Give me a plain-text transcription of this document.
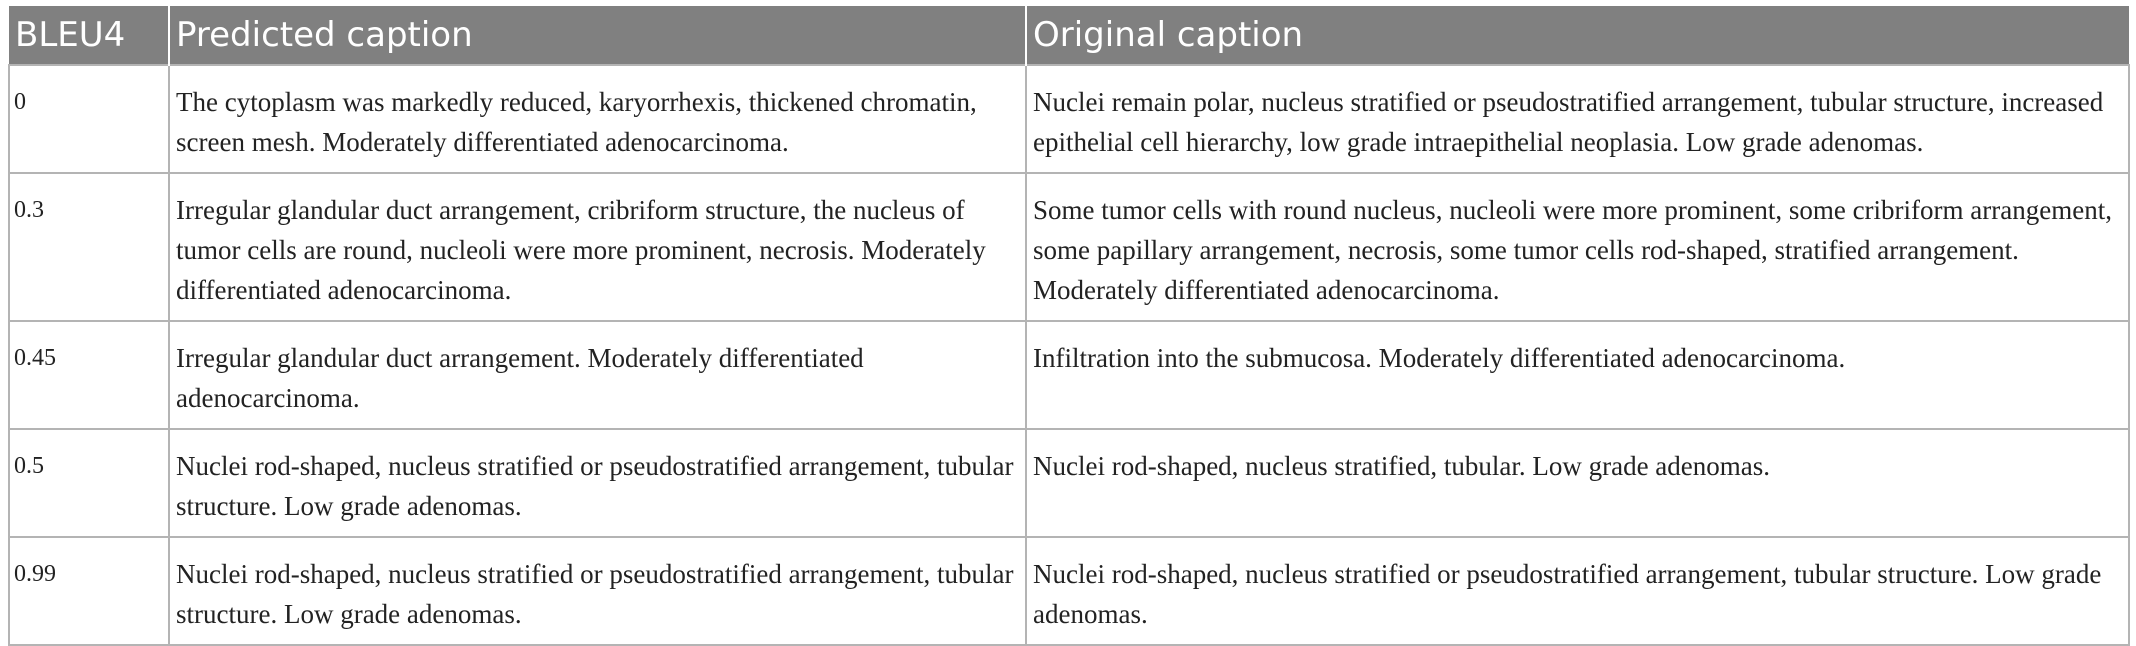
BLEU4	Predicted caption	Original caption
0	The cytoplasm was markedly reduced, karyorrhexis, thickened chromatin, screen mesh. Moderately differentiated adenocarcinoma.	Nuclei remain polar, nucleus stratified or pseudostratified arrangement, tubular structure, increased epithelial cell hierarchy, low grade intraepithelial neoplasia. Low grade adenomas.
0.3	Irregular glandular duct arrangement, cribriform structure, the nucleus of tumor cells are round, nucleoli were more prominent, necrosis. Moderately differentiated adenocarcinoma.	Some tumor cells with round nucleus, nucleoli were more prominent, some cribriform arrangement, some papillary arrangement, necrosis, some tumor cells rod-shaped, stratified arrangement. Moderately differentiated adenocarcinoma.
0.45	Irregular glandular duct arrangement. Moderately differentiated adenocarcinoma.	Infiltration into the submucosa. Moderately differentiated adenocarcinoma.
0.5	Nuclei rod-shaped, nucleus stratified or pseudostratified arrangement, tubular structure. Low grade adenomas.	Nuclei rod-shaped, nucleus stratified, tubular. Low grade adenomas.
0.99	Nuclei rod-shaped, nucleus stratified or pseudostratified arrangement, tubular structure. Low grade adenomas.	Nuclei rod-shaped, nucleus stratified or pseudostratified arrangement, tubular structure. Low grade adenomas.
